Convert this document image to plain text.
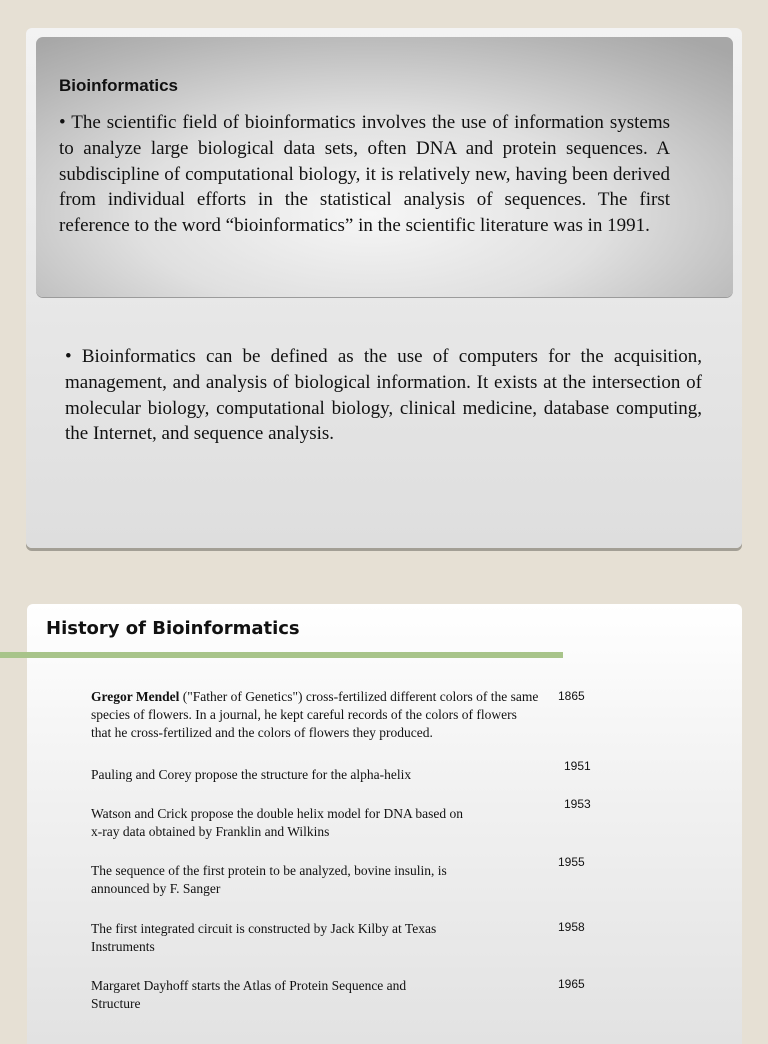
Bioinformatics

• The scientific field of bioinformatics involves the use of information systems to analyze large biological data sets, often DNA and protein sequences. A subdiscipline of computational biology, it is relatively new, having been derived from individual efforts in the statistical analysis of sequences. The first reference to the word “bioinformatics” in the scientific literature was in 1991.

• Bioinformatics can be defined as the use of computers for the acquisition, management, and analysis of biological information. It exists at the intersection of molecular biology, computational biology, clinical medicine, database computing, the Internet, and sequence analysis.

History of Bioinformatics

Gregor Mendel ("Father of Genetics") cross-fertilized different colors of the same species of flowers. In a journal, he kept careful records of the colors of flowers that he cross-fertilized and the colors of flowers they produced.

1865

Pauling and Corey propose the structure for the alpha-helix

1951

Watson and Crick propose the double helix model for DNA based on x-ray data obtained by Franklin and Wilkins

1953

The sequence of the first protein to be analyzed, bovine insulin, is announced by F. Sanger

1955

The first integrated circuit is constructed by Jack Kilby at Texas Instruments

1958

Margaret Dayhoff starts the Atlas of Protein Sequence and Structure

1965
